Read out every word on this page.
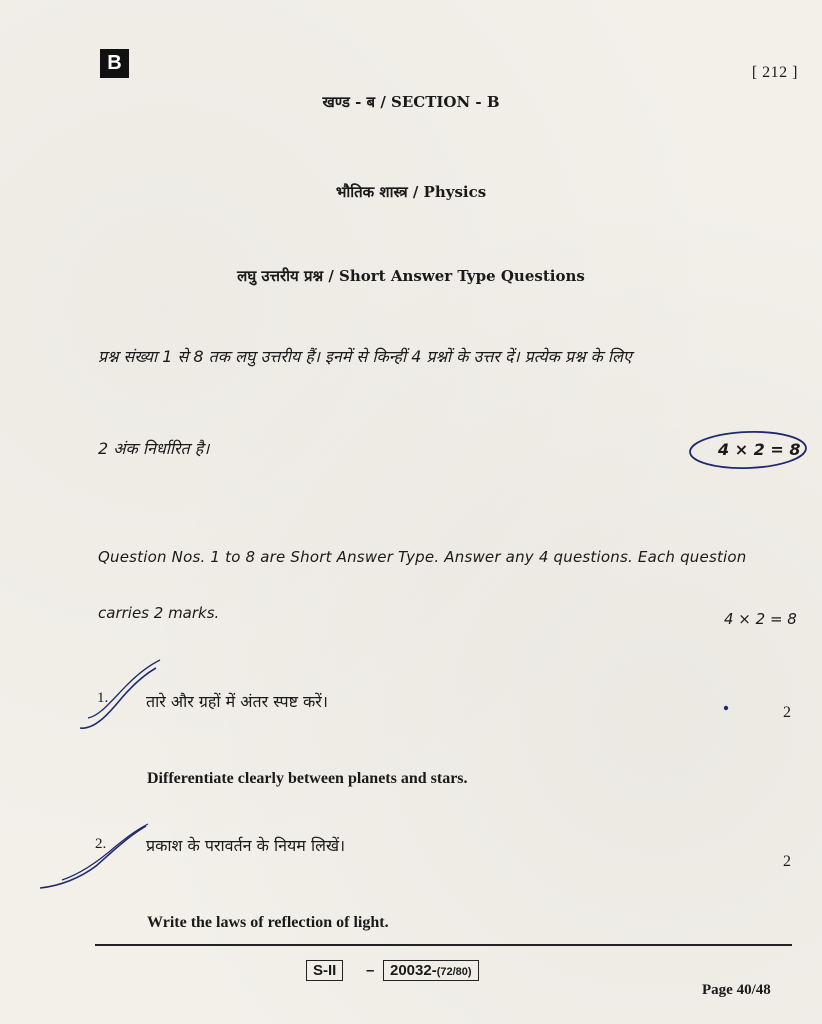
B	[ 212 ]
खण्ड - ब / SECTION - B
भौतिक शास्त्र / Physics
लघु उत्तरीय प्रश्न / Short Answer Type Questions
प्रश्न संख्या 1 से 8 तक लघु उत्तरीय हैं। इनमें से किन्हीं 4 प्रश्नों के उत्तर दें। प्रत्येक प्रश्न के लिए
2 अंक निर्धारित है।	4 × 2 = 8
Question Nos. 1 to 8 are Short Answer Type. Answer any 4 questions. Each question
carries 2 marks.	4 × 2 = 8
1. तारे और ग्रहों में अंतर स्पष्ट करें।
2
Differentiate clearly between planets and stars.
2. प्रकाश के परावर्तन के नियम लिखें।
2
Write the laws of reflection of light.
S-II	–	20032-(72/80)
Page 40/48
